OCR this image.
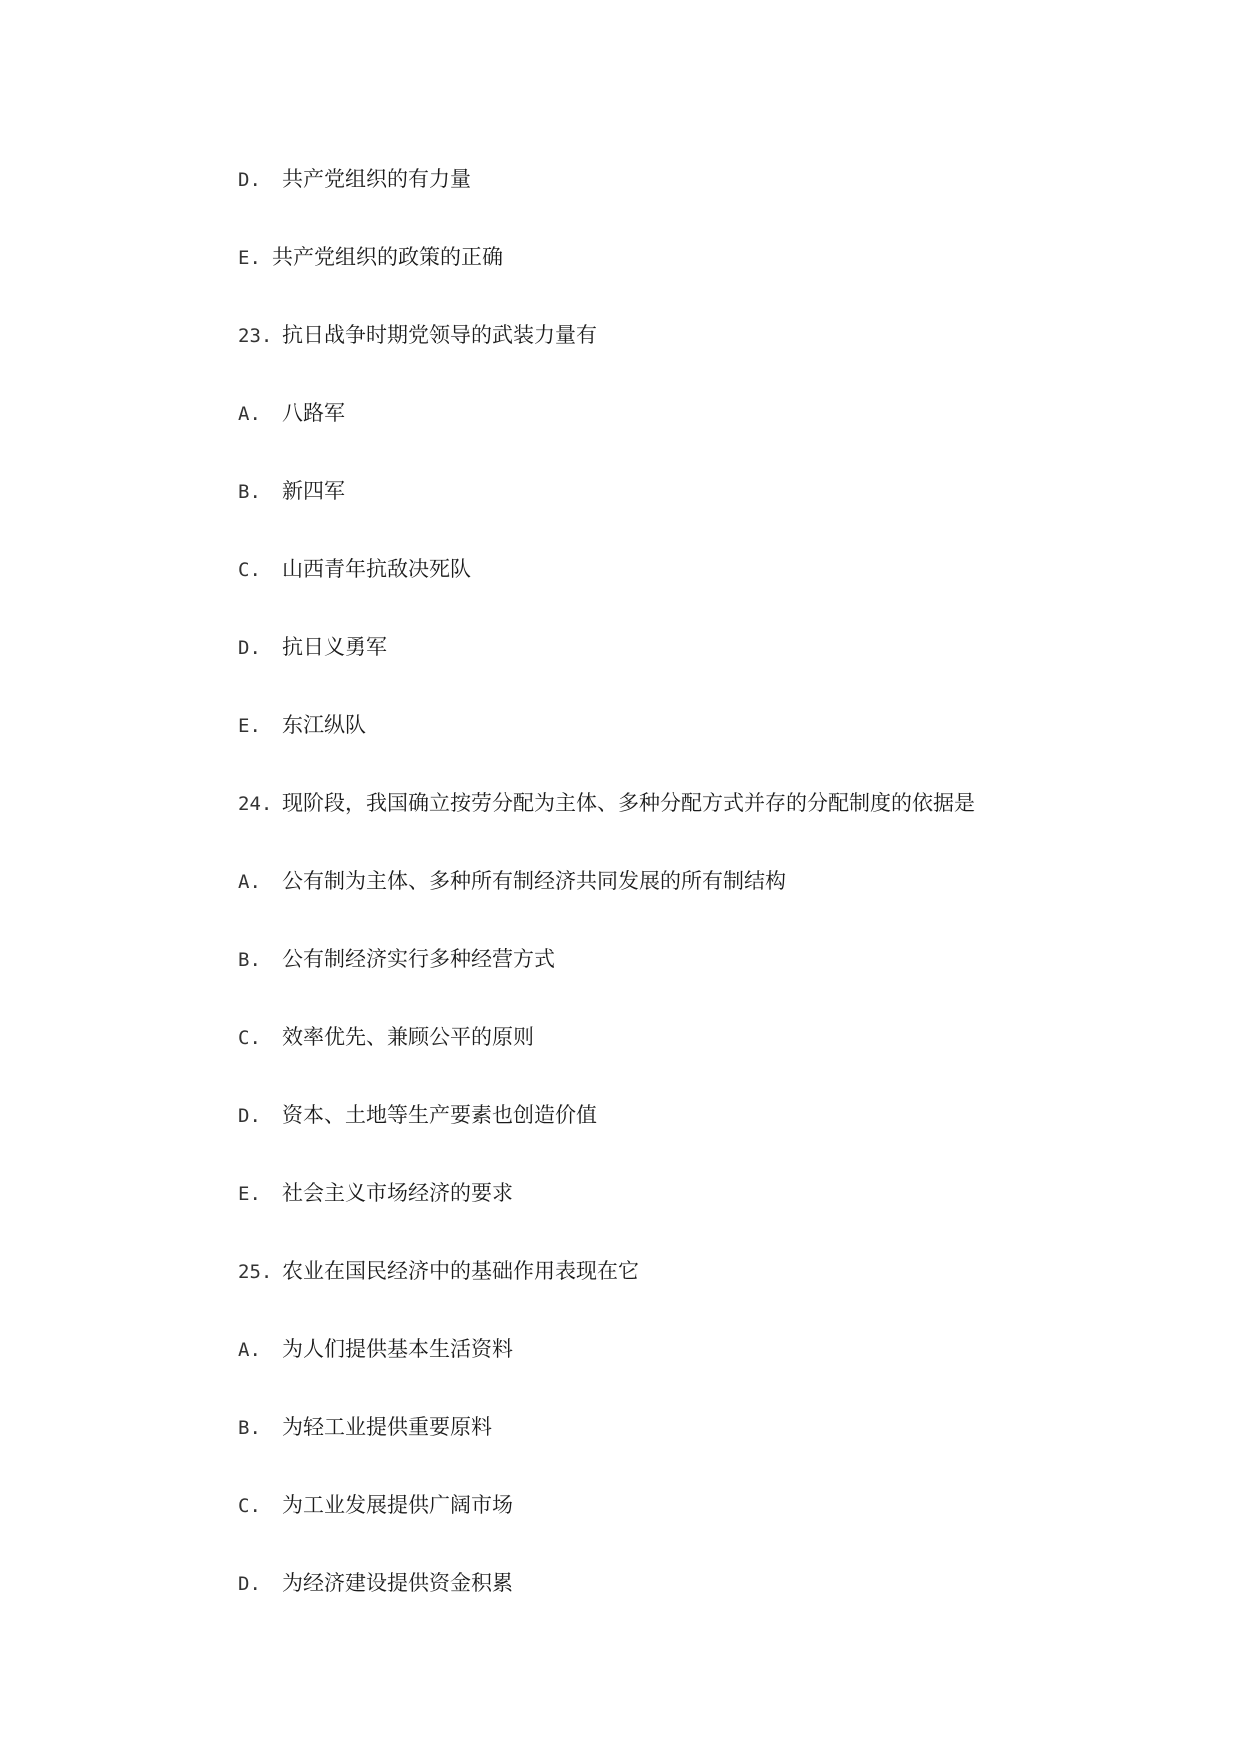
D. 共产党组织的有力量
E. 共产党组织的政策的正确
23. 抗日战争时期党领导的武装力量有
A. 八路军
B. 新四军
C. 山西青年抗敌决死队
D. 抗日义勇军
E. 东江纵队
24. 现阶段，我国确立按劳分配为主体、多种分配方式并存的分配制度的依据是
A. 公有制为主体、多种所有制经济共同发展的所有制结构
B. 公有制经济实行多种经营方式
C. 效率优先、兼顾公平的原则
D. 资本、土地等生产要素也创造价值
E. 社会主义市场经济的要求
25. 农业在国民经济中的基础作用表现在它
A. 为人们提供基本生活资料
B. 为轻工业提供重要原料
C. 为工业发展提供广阔市场
D. 为经济建设提供资金积累
